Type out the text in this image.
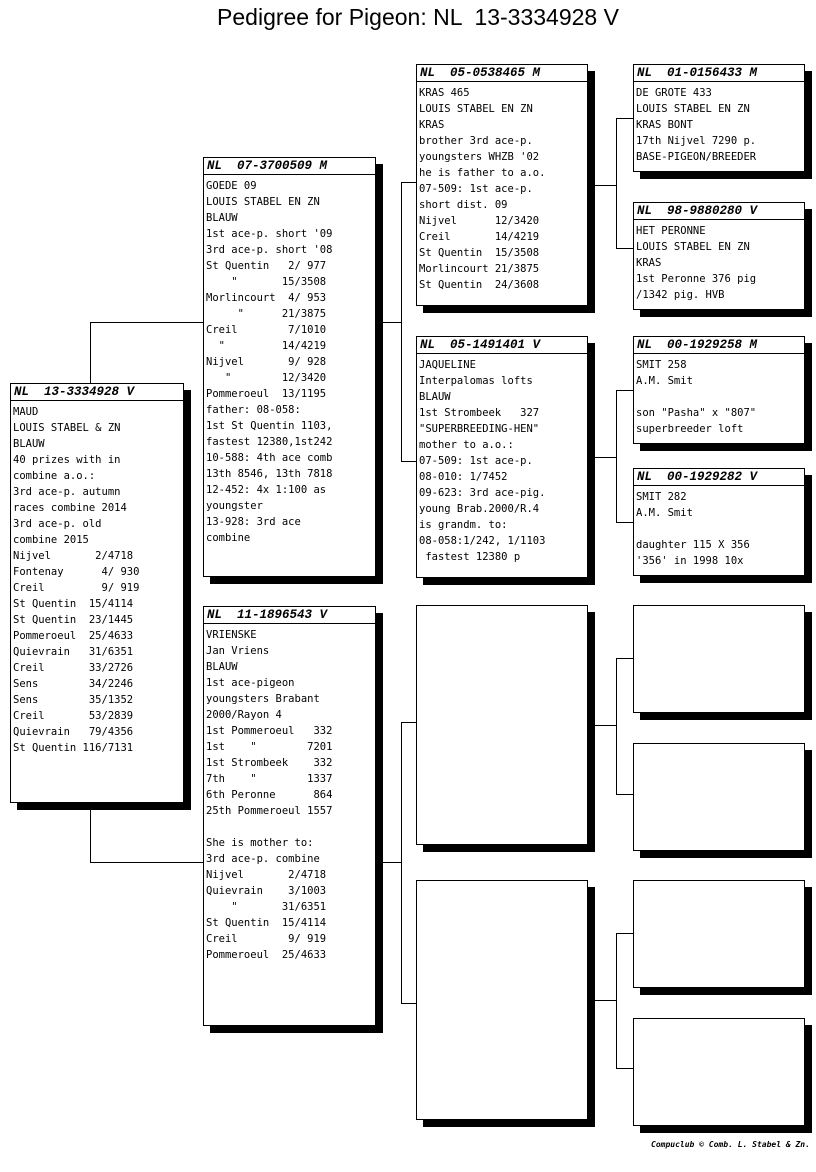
Pedigree for Pigeon: NL  13-3334928 V
NL  13-3334928 V
MAUD
LOUIS STABEL & ZN
BLAUW
40 prizes with in
combine a.o.:
3rd ace-p. autumn
races combine 2014
3rd ace-p. old
combine 2015
Nijvel       2/4718
Fontenay      4/ 930
Creil         9/ 919
St Quentin  15/4114
St Quentin  23/1445
Pommeroeul  25/4633
Quievrain   31/6351
Creil       33/2726
Sens        34/2246
Sens        35/1352
Creil       53/2839
Quievrain   79/4356
St Quentin 116/7131
NL  07-3700509 M
GOEDE 09
LOUIS STABEL EN ZN
BLAUW
1st ace-p. short '09
3rd ace-p. short '08
St Quentin   2/ 977
"       15/3508
Morlincourt  4/ 953
"      21/3875
Creil        7/1010
"         14/4219
Nijvel       9/ 928
"        12/3420
Pommeroeul  13/1195
father: 08-058:
1st St Quentin 1103,
fastest 12380,1st242
10-588: 4th ace comb
13th 8546, 13th 7818
12-452: 4x 1:100 as
youngster
13-928: 3rd ace
combine
NL  11-1896543 V
VRIENSKE
Jan Vriens
BLAUW
1st ace-pigeon
youngsters Brabant
2000/Rayon 4
1st Pommeroeul   332
1st    "        7201
1st Strombeek    332
7th    "        1337
6th Peronne      864
25th Pommeroeul 1557
She is mother to:
3rd ace-p. combine
Nijvel       2/4718
Quievrain    3/1003
"       31/6351
St Quentin  15/4114
Creil        9/ 919
Pommeroeul  25/4633
NL  05-0538465 M
KRAS 465
LOUIS STABEL EN ZN
KRAS
brother 3rd ace-p.
youngsters WHZB '02
he is father to a.o.
07-509: 1st ace-p.
short dist. 09
Nijvel      12/3420
Creil       14/4219
St Quentin  15/3508
Morlincourt 21/3875
St Quentin  24/3608
NL  05-1491401 V
JAQUELINE
Interpalomas lofts
BLAUW
1st Strombeek   327
"SUPERBREEDING-HEN"
mother to a.o.:
07-509: 1st ace-p.
08-010: 1/7452
09-623: 3rd ace-pig.
young Brab.2000/R.4
is grandm. to:
08-058:1/242, 1/1103
fastest 12380 p
NL  01-0156433 M
DE GROTE 433
LOUIS STABEL EN ZN
KRAS BONT
17th Nijvel 7290 p.
BASE-PIGEON/BREEDER
NL  98-9880280 V
HET PERONNE
LOUIS STABEL EN ZN
KRAS
1st Peronne 376 pig
/1342 pig. HVB
NL  00-1929258 M
SMIT 258
A.M. Smit
son "Pasha" x "807"
superbreeder loft
NL  00-1929282 V
SMIT 282
A.M. Smit
daughter 115 X 356
'356' in 1998 10x
Compuclub © Comb. L. Stabel & Zn.
